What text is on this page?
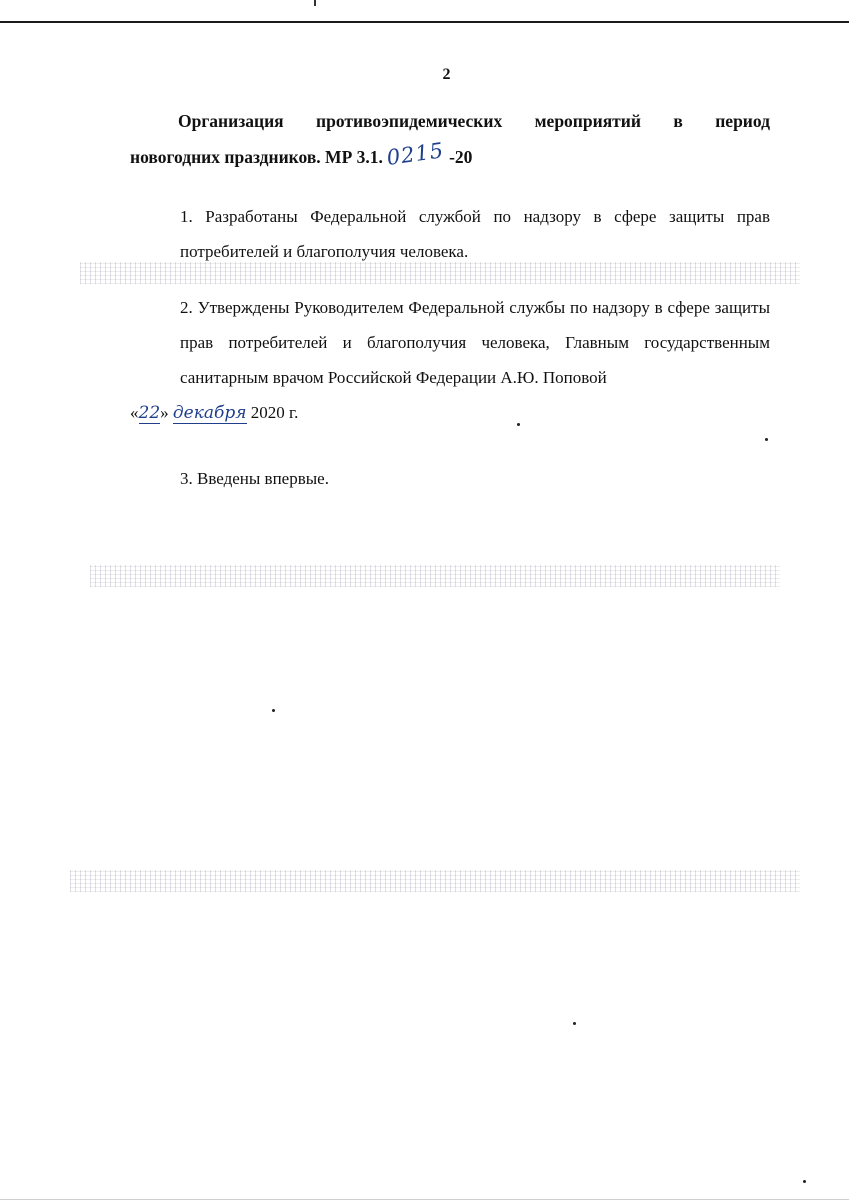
2
Организация противоэпидемических мероприятий в период
новогодних праздников. МР 3.1. 0215 -20
1. Разработаны Федеральной службой по надзору в сфере защиты прав потребителей и благополучия человека.
2. Утверждены Руководителем Федеральной службы по надзору в сфере защиты прав потребителей и благополучия человека, Главным государственным санитарным врачом Российской Федерации А.Ю. Поповой
«22» декабря 2020 г.
3. Введены впервые.
